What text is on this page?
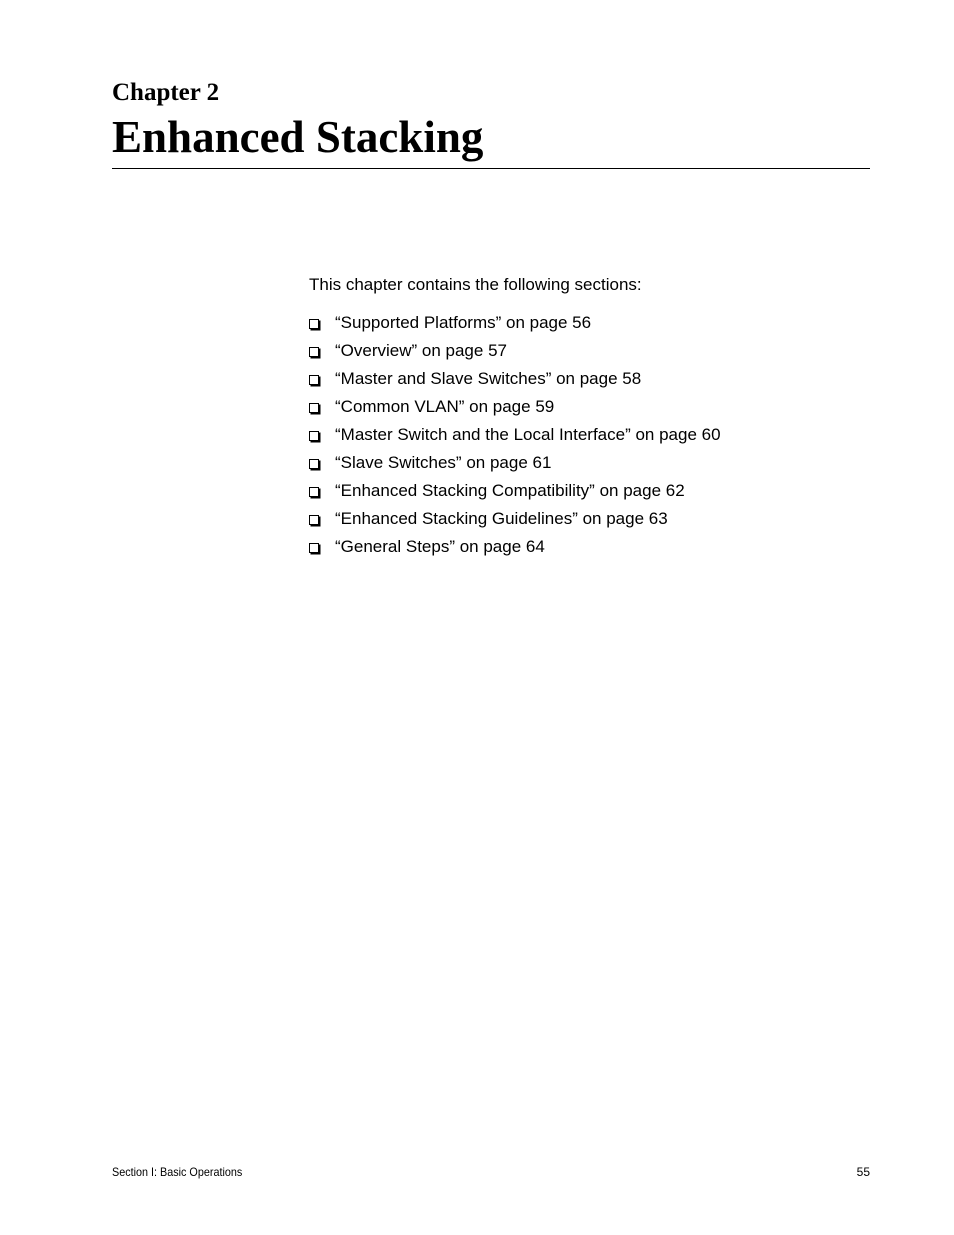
Chapter 2
Enhanced Stacking

This chapter contains the following sections:

“Supported Platforms” on page 56
“Overview” on page 57
“Master and Slave Switches” on page 58
“Common VLAN” on page 59
“Master Switch and the Local Interface” on page 60
“Slave Switches” on page 61
“Enhanced Stacking Compatibility” on page 62
“Enhanced Stacking Guidelines” on page 63
“General Steps” on page 64
Section I: Basic Operations	55
